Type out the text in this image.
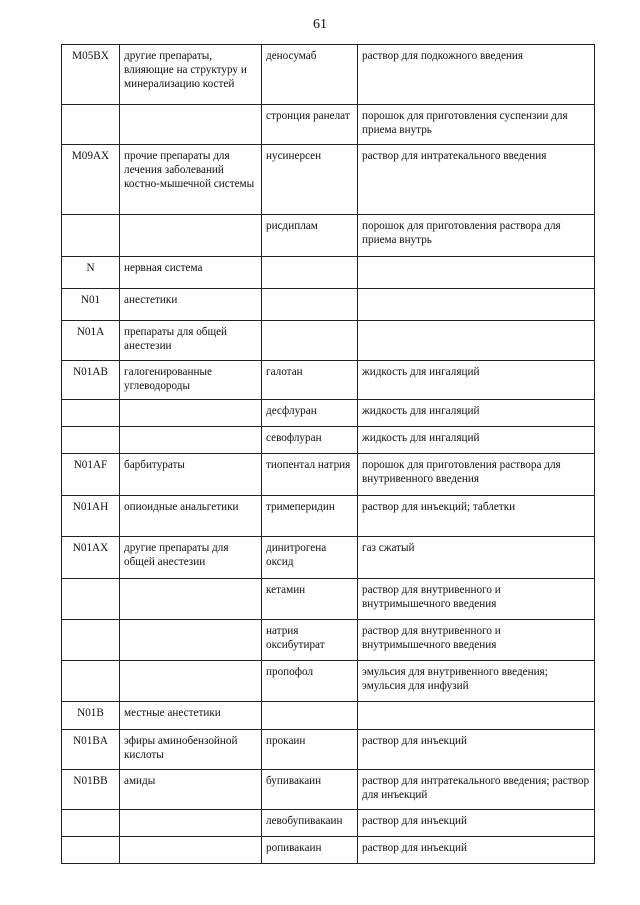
61
M05BX	другие препараты, влияющие на структуру и минерализацию костей	деносумаб	раствор для подкожного введения
		стронция ранелат	порошок для приготовления суспензии для приема внутрь
M09AX	прочие препараты для лечения заболеваний костно-мышечной системы	нусинерсен	раствор для интратекального введения
		рисдиплам	порошок для приготовления раствора для приема внутрь
N	нервная система		
N01	анестетики		
N01A	препараты для общей анестезии		
N01AB	галогенированные углеводороды	галотан	жидкость для ингаляций
		десфлуран	жидкость для ингаляций
		севофлуран	жидкость для ингаляций
N01AF	барбитураты	тиопентал натрия	порошок для приготовления раствора для внутривенного введения
N01AH	опиоидные анальгетики	тримеперидин	раствор для инъекций; таблетки
N01AX	другие препараты для общей анестезии	динитрогена оксид	газ сжатый
		кетамин	раствор для внутривенного и внутримышечного введения
		натрия оксибутират	раствор для внутривенного и внутримышечного введения
		пропофол	эмульсия для внутривенного введения; эмульсия для инфузий
N01B	местные анестетики		
N01BA	эфиры аминобензойной кислоты	прокаин	раствор для инъекций
N01BB	амиды	бупивакаин	раствор для интратекального введения; раствор для инъекций
		левобупивакаин	раствор для инъекций
		ропивакаин	раствор для инъекций
